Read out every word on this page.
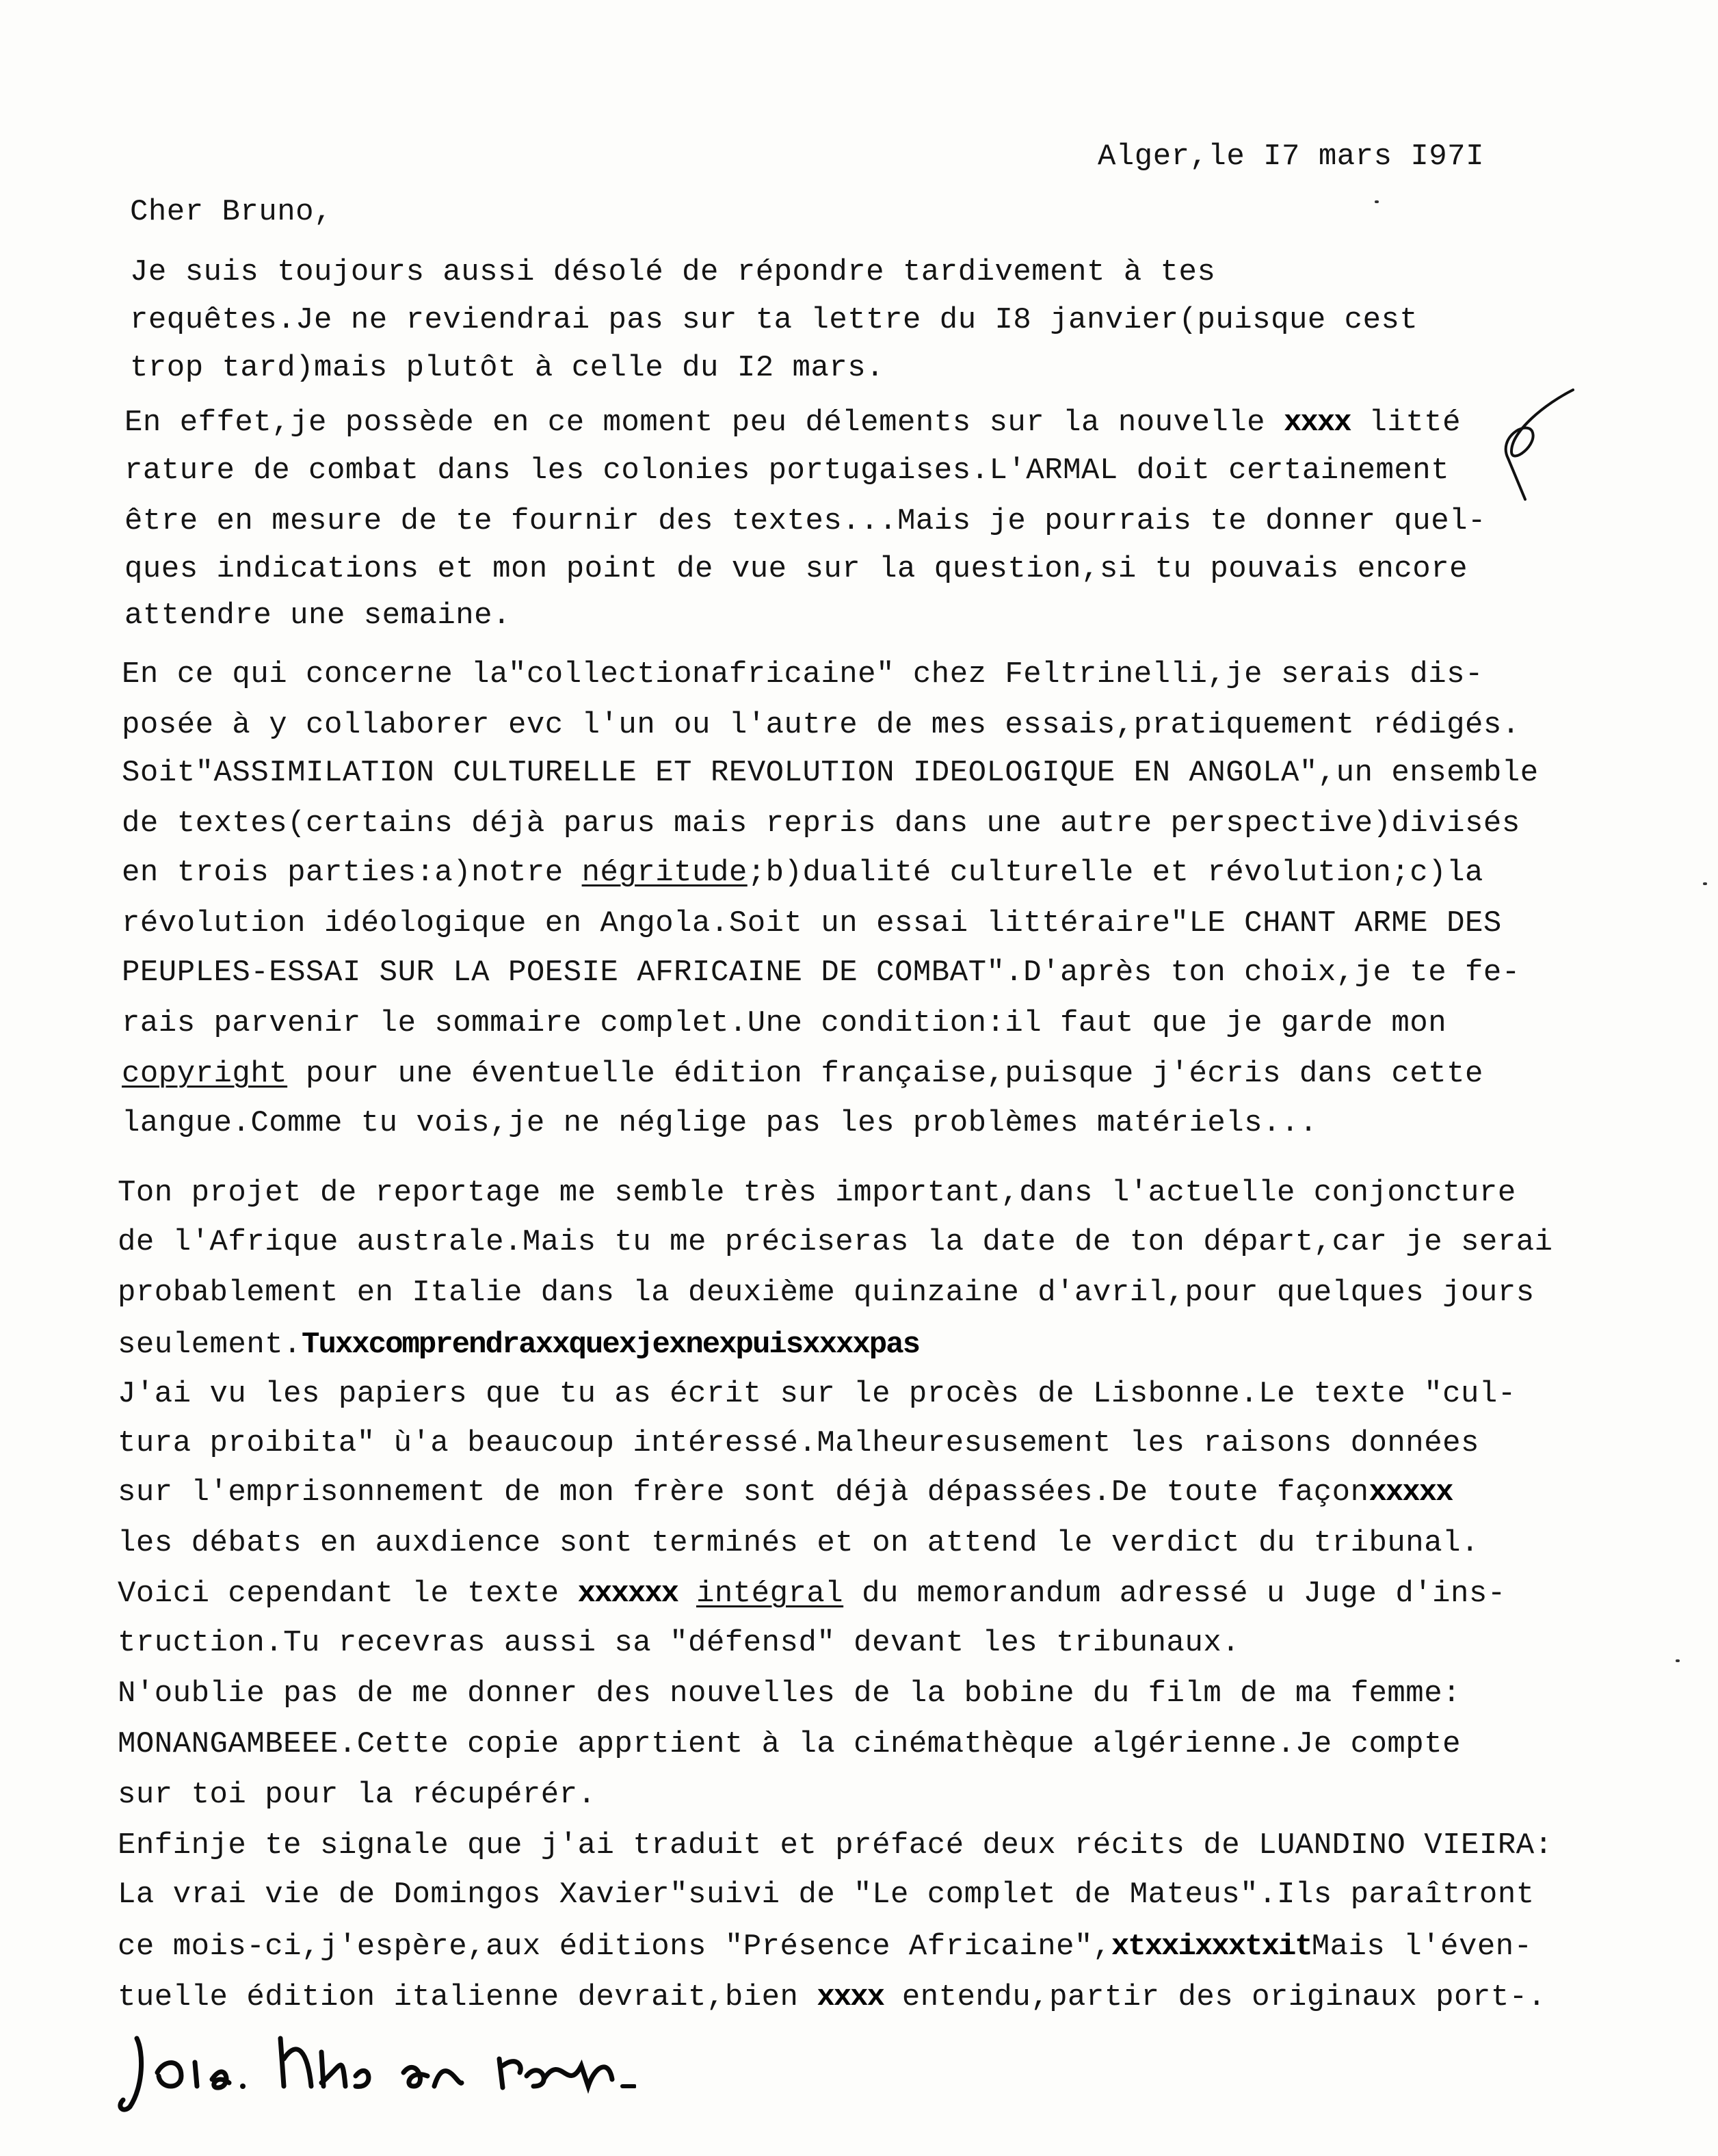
Alger,le I7 mars I97I
Cher Bruno,
Je suis toujours aussi désolé de répondre tardivement à tes
requêtes.Je ne reviendrai pas sur ta lettre du I8 janvier(puisque cest
trop tard)mais plutôt à celle du I2 mars.
En effet,je possède en ce moment peu délements sur la nouvelle xxxx litté
rature de combat dans les colonies portugaises.L'ARMAL doit certainement
être en mesure de te fournir des textes...Mais je pourrais te donner quel-
ques indications et mon point de vue sur la question,si tu pouvais encore
attendre une semaine.
En ce qui concerne la"collectionafricaine" chez Feltrinelli,je serais dis-
posée à y collaborer evc l'un ou l'autre de mes essais,pratiquement rédigés.
Soit"ASSIMILATION CULTURELLE ET REVOLUTION IDEOLOGIQUE EN ANGOLA",un ensemble
de textes(certains déjà parus mais repris dans une autre perspective)divisés
en trois parties:a)notre négritude;b)dualité culturelle et révolution;c)la
révolution idéologique en Angola.Soit un essai littéraire"LE CHANT ARME DES
PEUPLES-ESSAI SUR LA POESIE AFRICAINE DE COMBAT".D'après ton choix,je te fe-
rais parvenir le sommaire complet.Une condition:il faut que je garde mon
copyright pour une éventuelle édition française,puisque j'écris dans cette
langue.Comme tu vois,je ne néglige pas les problèmes matériels...
Ton projet de reportage me semble très important,dans l'actuelle conjoncture
de l'Afrique australe.Mais tu me préciseras la date de ton départ,car je serai
probablement en Italie dans la deuxième quinzaine d'avril,pour quelques jours
seulement.Tuxxcomprendraxxquexjexnexpuisxxxxpas
J'ai vu les papiers que tu as écrit sur le procès de Lisbonne.Le texte "cul-
tura proibita" ù'a beaucoup intéressé.Malheuresusement les raisons données
sur l'emprisonnement de mon frère sont déjà dépassées.De toute façonxxxxx
les débats en auxdience sont terminés et on attend le verdict du tribunal.
Voici cependant le texte xxxxxx intégral du memorandum adressé u Juge d'ins-
truction.Tu recevras aussi sa "défensd" devant les tribunaux.
N'oublie pas de me donner des nouvelles de la bobine du film de ma femme:
MONANGAMBEEE.Cette copie apprtient à la cinémathèque algérienne.Je compte
sur toi pour la récupérér.
Enfinje te signale que j'ai traduit et préfacé deux récits de LUANDINO VIEIRA:
La vrai vie de Domingos Xavier"suivi de "Le complet de Mateus".Ils paraîtront
ce mois-ci,j'espère,aux éditions "Présence Africaine",xtxxixxxtxitMais l'éven-
tuelle édition italienne devrait,bien xxxx entendu,partir des originaux port-.
